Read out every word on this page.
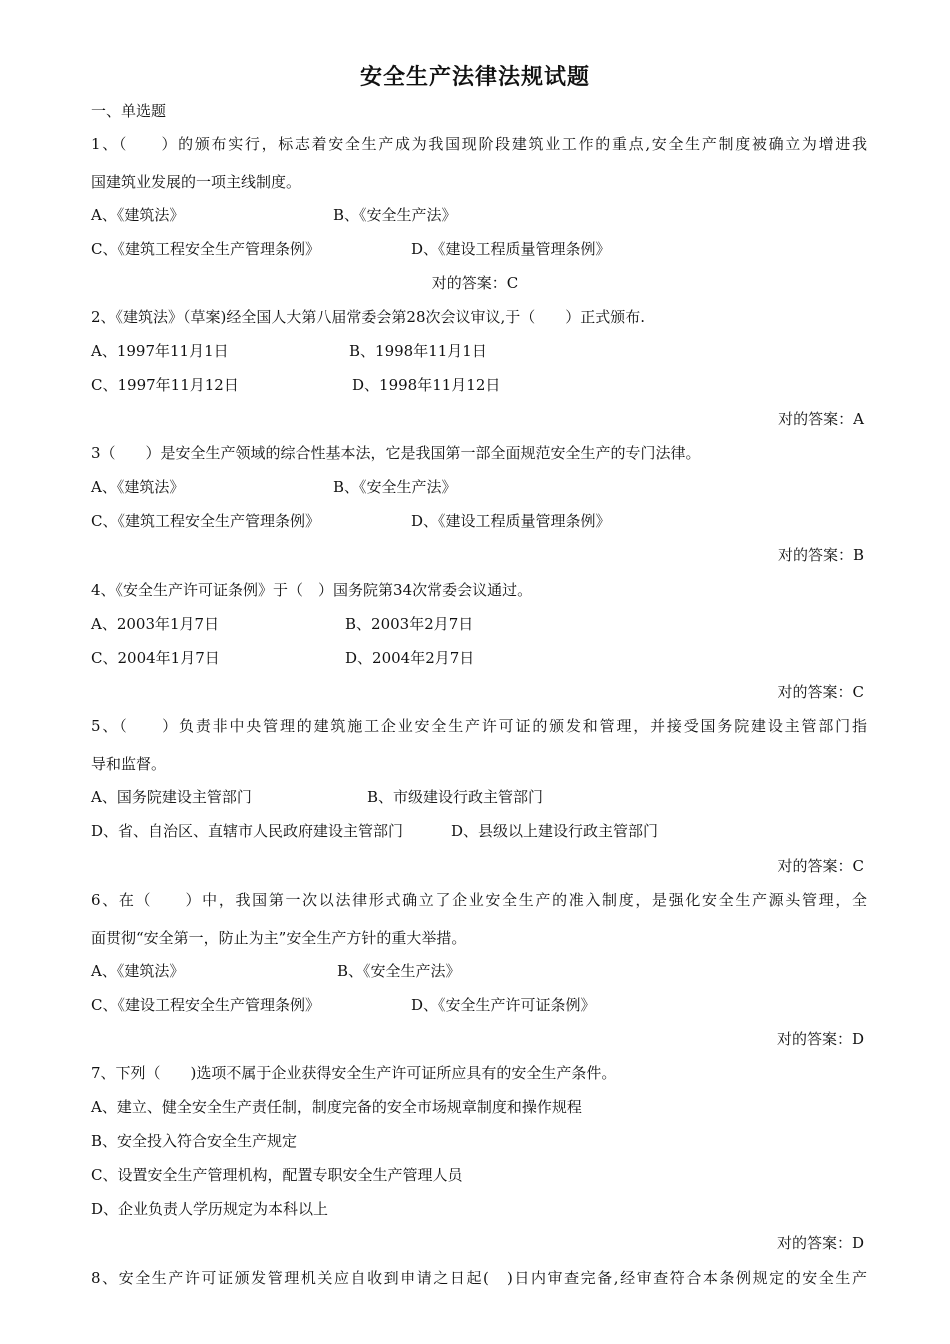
安全生产法律法规试题
一、单选题
1、（　　）的颁布实行，标志着安全生产成为我国现阶段建筑业工作的重点,安全生产制度被确立为增进我
国建筑业发展的一项主线制度。
A、《建筑法》	B、《安全生产法》
C、《建筑工程安全生产管理条例》	D、《建设工程质量管理条例》
对的答案：C
2、《建筑法》（草案)经全国人大第八届常委会第28次会议审议,于（　　）正式颁布.
A、1997年11月1日	B、1998年11月1日
C、1997年11月12日	D、1998年11月12日
对的答案：A
3（　　）是安全生产领域的综合性基本法，它是我国第一部全面规范安全生产的专门法律。
A、《建筑法》	B、《安全生产法》
C、《建筑工程安全生产管理条例》	D、《建设工程质量管理条例》
对的答案：B
4、《安全生产许可证条例》于（　）国务院第34次常委会议通过。
A、2003年1月7日	B、2003年2月7日
C、2004年1月7日	D、2004年2月7日
对的答案：C
5、（　　）负责非中央管理的建筑施工企业安全生产许可证的颁发和管理，并接受国务院建设主管部门指
导和监督。
A、国务院建设主管部门	B、市级建设行政主管部门
D、省、自治区、直辖市人民政府建设主管部门	D、县级以上建设行政主管部门
对的答案：C
6、在（　　）中，我国第一次以法律形式确立了企业安全生产的准入制度，是强化安全生产源头管理，全
面贯彻“安全第一，防止为主”安全生产方针的重大举措。
A、《建筑法》	B、《安全生产法》
C、《建设工程安全生产管理条例》	D、《安全生产许可证条例》
对的答案：D
7、下列（　　)选项不属于企业获得安全生产许可证所应具有的安全生产条件。
A、建立、健全安全生产责任制，制度完备的安全市场规章制度和操作规程
B、安全投入符合安全生产规定
C、设置安全生产管理机构，配置专职安全生产管理人员
D、企业负责人学历规定为本科以上
对的答案：D
8、安全生产许可证颁发管理机关应自收到申请之日起(　)日内审查完备,经审查符合本条例规定的安全生产
